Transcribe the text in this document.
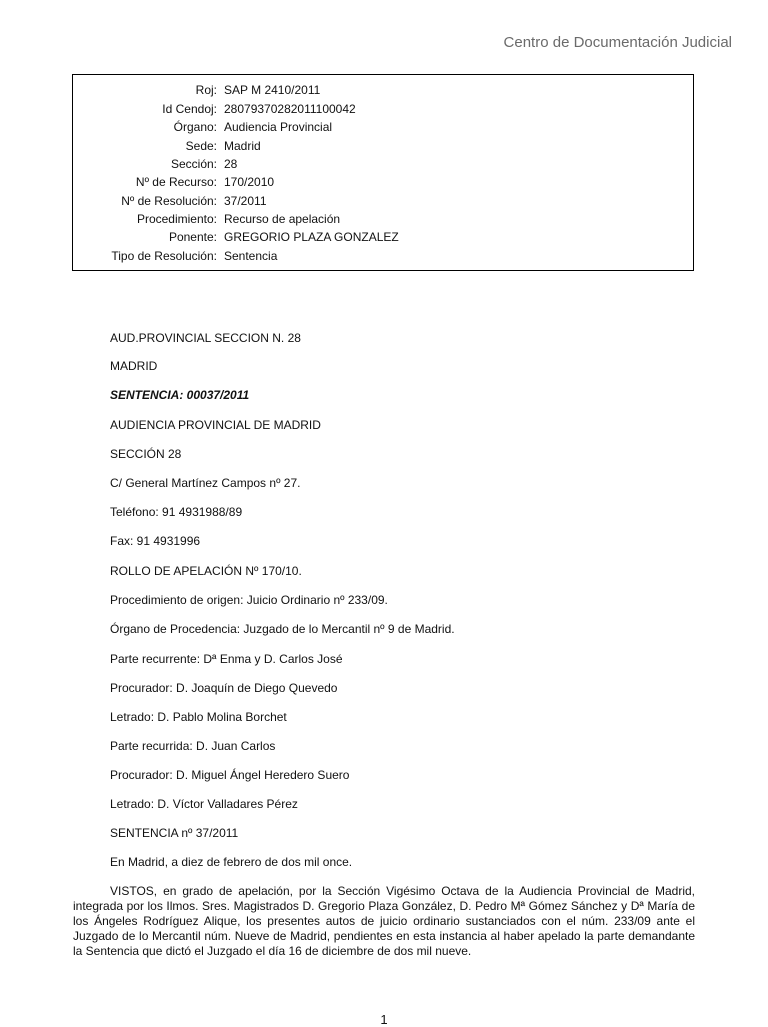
Centro de Documentación Judicial
Roj: SAP M 2410/2011
Id Cendoj: 28079370282011100042
Órgano: Audiencia Provincial
Sede: Madrid
Sección: 28
Nº de Recurso: 170/2010
Nº de Resolución: 37/2011
Procedimiento: Recurso de apelación
Ponente: GREGORIO PLAZA GONZALEZ
Tipo de Resolución: Sentencia
AUD.PROVINCIAL SECCION N. 28
MADRID
SENTENCIA: 00037/2011
AUDIENCIA PROVINCIAL DE MADRID
SECCIÓN 28
C/ General Martínez Campos nº 27.
Teléfono: 91 4931988/89
Fax: 91 4931996
ROLLO DE APELACIÓN Nº 170/10.
Procedimiento de origen: Juicio Ordinario nº 233/09.
Órgano de Procedencia: Juzgado de lo Mercantil nº 9 de Madrid.
Parte recurrente: Dª Enma y D. Carlos José
Procurador: D. Joaquín de Diego Quevedo
Letrado: D. Pablo Molina Borchet
Parte recurrida: D. Juan Carlos
Procurador: D. Miguel Ángel Heredero Suero
Letrado: D. Víctor Valladares Pérez
SENTENCIA nº 37/2011
En Madrid, a diez de febrero de dos mil once.
VISTOS, en grado de apelación, por la Sección Vigésimo Octava de la Audiencia Provincial de Madrid, integrada por los Ilmos. Sres. Magistrados D. Gregorio Plaza González, D. Pedro Mª Gómez Sánchez y Dª María de los Ángeles Rodríguez Alique, los presentes autos de juicio ordinario sustanciados con el núm. 233/09 ante el Juzgado de lo Mercantil núm. Nueve de Madrid, pendientes en esta instancia al haber apelado la parte demandante la Sentencia que dictó el Juzgado el día 16 de diciembre de dos mil nueve.
1
